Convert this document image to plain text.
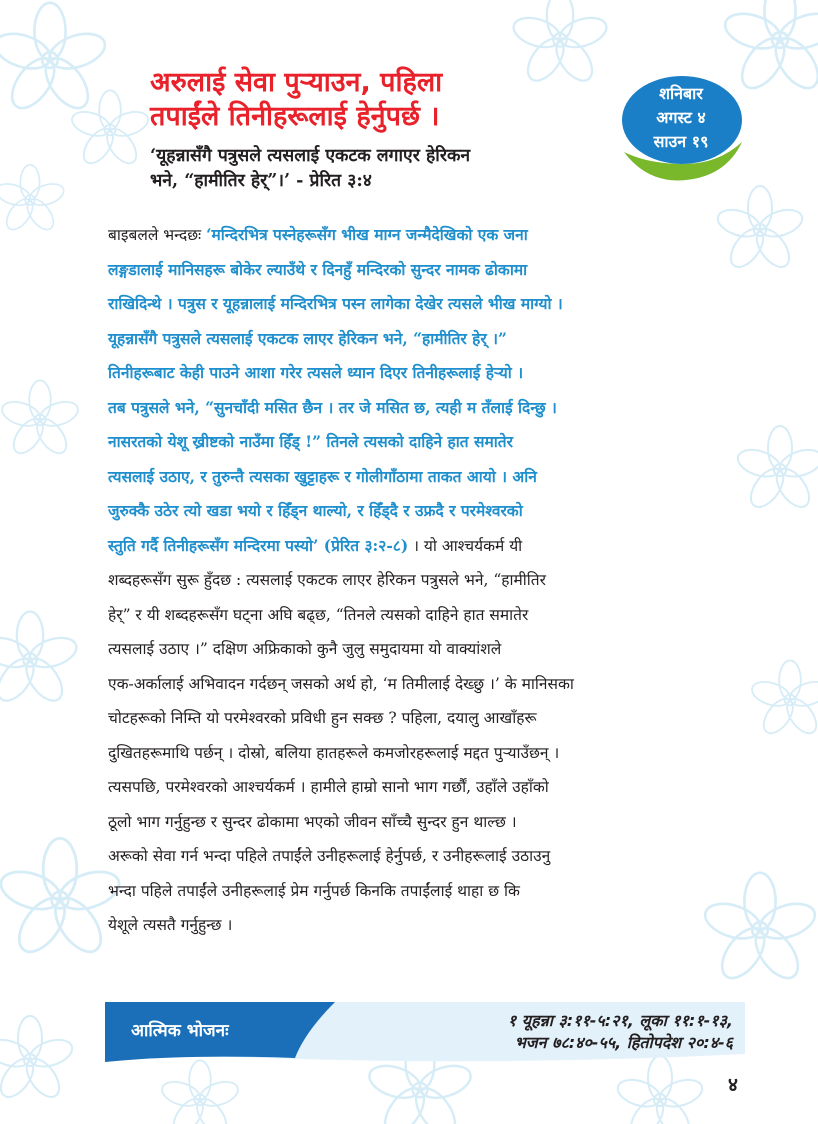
अरुलाई सेवा पुऱ्याउन, पहिला
तपाईंले तिनीहरूलाई हेर्नुपर्छ ।
‘यूहन्नासँगै पत्रुसले त्यसलाई एकटक लगाएर हेरिकन
भने, “हामीतिर हेर्”।’ - प्रेरित ३:४
शनिबार
अगस्ट ४
साउन १९
बाइबलले भन्दछः ‘मन्दिरभित्र पस्नेहरूसँग भीख माग्न जन्मैदेखिको एक जना
लङ्गडालाई मानिसहरू बोकेर ल्याउँथे र दिनहुँ मन्दिरको सुन्दर नामक ढोकामा
राखिदिन्थे । पत्रुस र यूहन्नालाई मन्दिरभित्र पस्न लागेका देखेर त्यसले भीख माग्यो ।
यूहन्नासँगै पत्रुसले त्यसलाई एकटक लाएर हेरिकन भने, “हामीतिर हेर् ।”
तिनीहरूबाट केही पाउने आशा गरेर त्यसले ध्यान दिएर तिनीहरूलाई हेऱ्यो ।
तब पत्रुसले भने, “सुनचाँदी मसित छैन । तर जे मसित छ, त्यही म तँलाई दिन्छु ।
नासरतको येशू ख्रीष्टको नाउँमा हिँड् !” तिनले त्यसको दाहिने हात समातेर
त्यसलाई उठाए, र तुरुन्तै त्यसका खुट्टाहरू र गोलीगाँठामा ताकत आयो । अनि
जुरुक्कै उठेर त्यो खडा भयो र हिँड्न थाल्यो, र हिँड्दै र उफ्रदै र परमेश्वरको
स्तुति गर्दै तिनीहरूसँग मन्दिरमा पस्यो’ (प्रेरित ३:२-८) । यो आश्चर्यकर्म यी
शब्दहरूसँग सुरू हुँदछ : त्यसलाई एकटक लाएर हेरिकन पत्रुसले भने, “हामीतिर
हेर्” र यी शब्दहरूसँग घट्ना अघि बढ्छ, “तिनले त्यसको दाहिने हात समातेर
त्यसलाई उठाए ।” दक्षिण अफ्रिकाको कुनै जुलु समुदायमा यो वाक्यांशले
एक-अर्कालाई अभिवादन गर्दछन् जसको अर्थ हो, ‘म तिमीलाई देख्छु ।’ के मानिसका
चोटहरूको निम्ति यो परमेश्वरको प्रविधी हुन सक्छ ? पहिला, दयालु आखाँहरू
दुखितहरूमाथि पर्छन् । दोस्रो, बलिया हातहरूले कमजोरहरूलाई मद्दत पुऱ्याउँछन् ।
त्यसपछि, परमेश्वरको आश्चर्यकर्म । हामीले हाम्रो सानो भाग गर्छौं, उहाँले उहाँको
ठूलो भाग गर्नुहुन्छ र सुन्दर ढोकामा भएको जीवन साँच्चै सुन्दर हुन थाल्छ ।
अरूको सेवा गर्न भन्दा पहिले तपाईंले उनीहरूलाई हेर्नुपर्छ, र उनीहरूलाई उठाउनु
भन्दा पहिले तपाईंले उनीहरूलाई प्रेम गर्नुपर्छ किनकि तपाईंलाई थाहा छ कि
येशूले त्यसतै गर्नुहुन्छ ।
आत्मिक भोजनः
१ यूहन्ना ३:११-५:२१, लूका ११:१-१३,
भजन ७८:४०-५५, हितोपदेश २०:४-६
४
